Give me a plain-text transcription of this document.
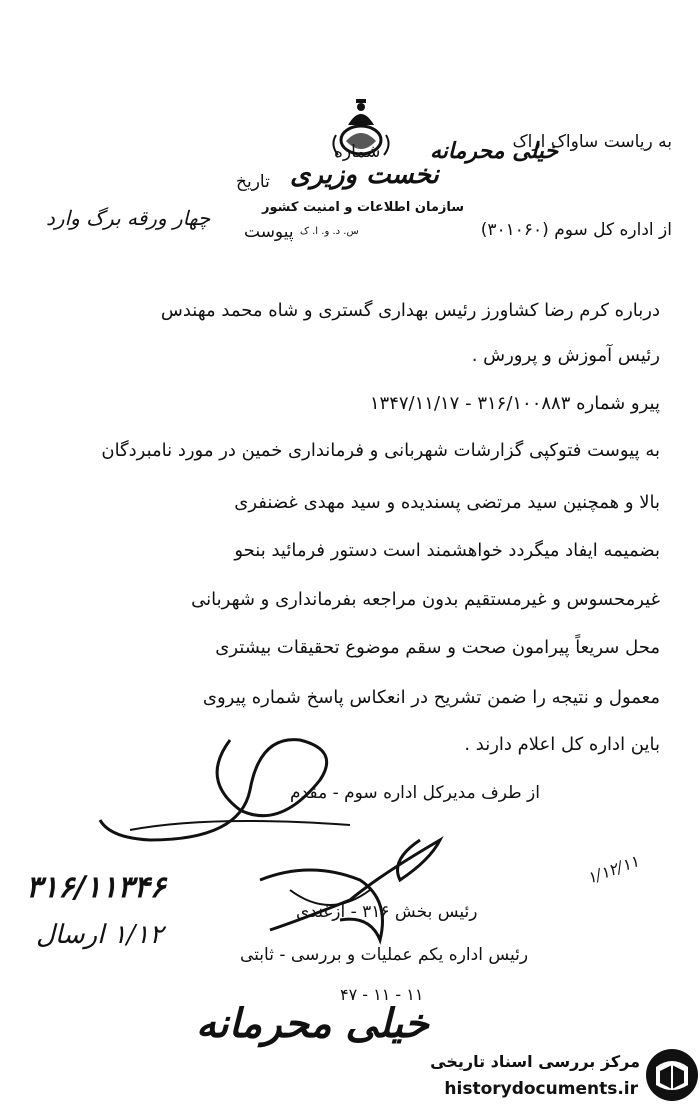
به ریاست ساواک اراک
خیلی محرمانه
شماره
تاریخ نخست وزیری
سازمان اطلاعات و امنیت کشور
س. د. و. ا. ک
پیوست
چهار ورقه برگ وارد	از اداره کل سوم (۳۰۱۰۶۰)
درباره کرم رضا کشاورز رئیس بهداری گستری و شاه محمد مهندس
رئیس آموزش و پرورش .
پیرو شماره ۳۱۶/۱۰۰۸۸۳ - ۱۳۴۷/۱۱/۱۷
به پیوست فتوکپی گزارشات شهربانی و فرمانداری خمین در مورد نامبردگان
بالا و همچنین سید مرتضی پسندیده و سید مهدی غضنفری
بضمیمه ایفاد میگردد خواهشمند است دستور فرمائید بنحو
غیرمحسوس و غیرمستقیم بدون مراجعه بفرمانداری و شهربانی
محل سریعاً پیرامون صحت و سقم موضوع تحقیقات بیشتری
معمول و نتیجه را ضمن تشریح در انعکاس پاسخ شماره پیروی
باین اداره کل اعلام دارند .
از طرف مدیرکل اداره سوم - مقدم
۳۱۶/۱۱۳۴۶
۱/۱۲ ارسال
رئیس بخش ۳۱۶ - ازغندی
رئیس اداره یکم عملیات و بررسی - ثابتی
۱۱ - ۱۱ - ۴۷
۱/۱۲/۱۱
خیلی محرمانه
مرکز بررسی اسناد تاریخی
historydocuments.ir
